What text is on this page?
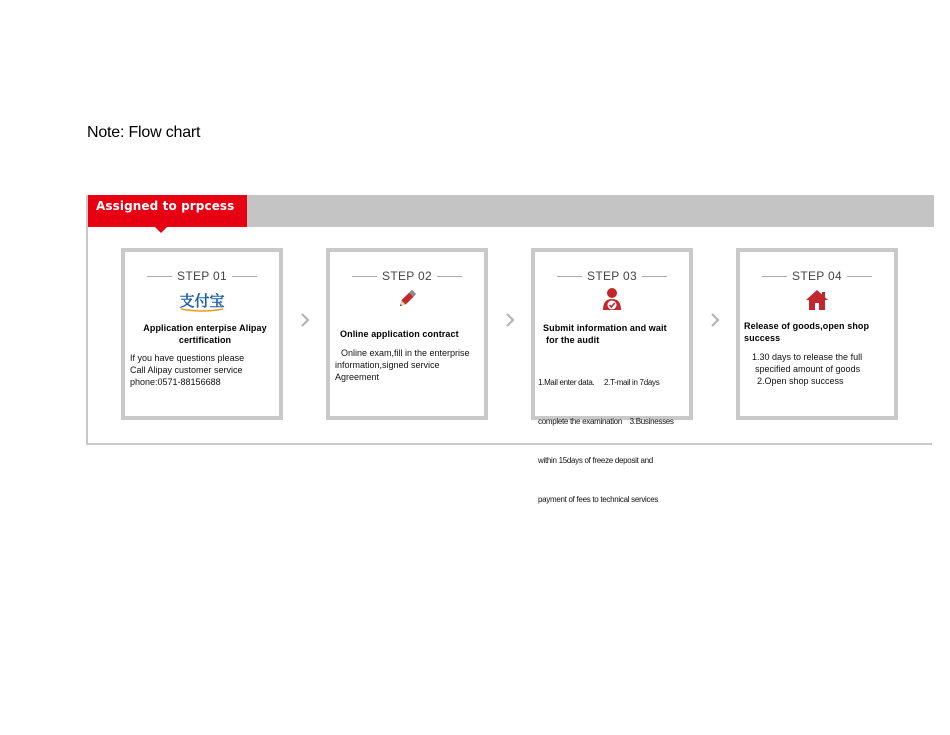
Note: Flow chart
Assigned to prpcess
STEP 01
支付宝
Application enterpise Alipay
certification
If you have questions please
Call Alipay customer service
phone:0571-88156688
STEP 02
Online application contract
Online exam,fill in the enterprise
information,signed service
Agreement
STEP 03
Submit information and wait
for the audit

1.Mail enter data.     2.T-mail in 7days

complete the examination    3.Businesses

within 15days of freeze deposit and

payment of fees to technical services

STEP 04
Release of goods,open shop
success
1.30 days to release the full
specified amount of goods
2.Open shop success
